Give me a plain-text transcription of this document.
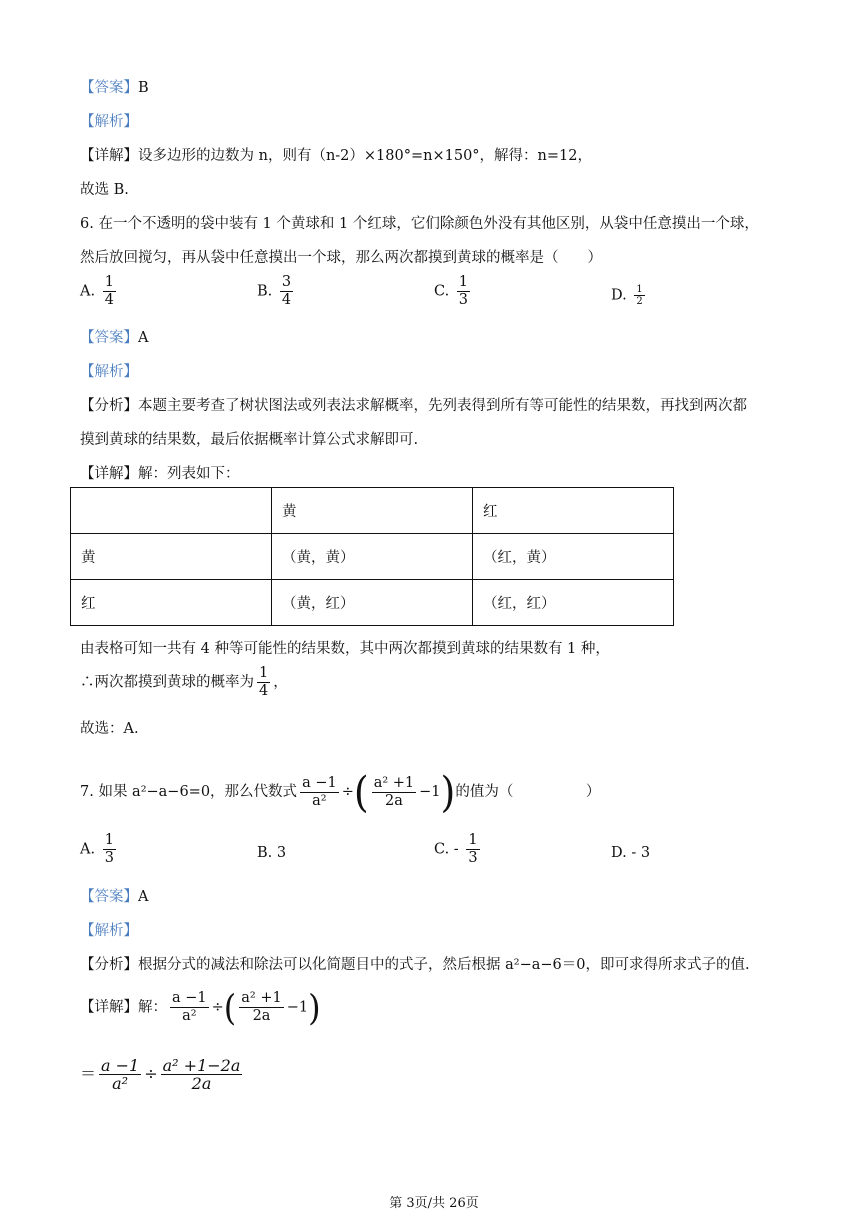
【答案】B
【解析】
【详解】设多边形的边数为 n，则有（n-2）×180°=n×150°，解得：n=12，
故选 B.
6. 在一个不透明的袋中装有 1 个黄球和 1 个红球，它们除颜色外没有其他区别，从袋中任意摸出一个球，
然后放回搅匀，再从袋中任意摸出一个球，那么两次都摸到黄球的概率是（　　）
A. $\frac{1}{4}$	B. $\frac{3}{4}$	C. $\frac{1}{3}$	D. $\frac{1}{2}$
【答案】A
【解析】
【分析】本题主要考查了树状图法或列表法求解概率，先列表得到所有等可能性的结果数，再找到两次都
摸到黄球的结果数，最后依据概率计算公式求解即可.
【详解】解：列表如下：
	黄	红
黄	（黄，黄）	（红，黄）
红	（黄，红）	（红，红）
由表格可知一共有 4 种等可能性的结果数，其中两次都摸到黄球的结果数有 1 种，
∴两次都摸到黄球的概率为 $\frac{1}{4}$ ，
故选：A.
7. 如果 a²−a−6=0，那么代数式 $\frac{a -1}{\text{a²}}$ ÷( $\frac{\text{a² +1}}{2a} -1$)的值为（　　　　　）
A. $\frac{1}{3}$	B. 3	C. - $\frac{1}{3}$	D. - 3
【答案】A
【解析】
【分析】根据分式的减法和除法可以化简题目中的式子，然后根据 a²−a−6＝0，即可求得所求式子的值.
【详解】解： $\frac{a -1}{\text{a²}}$ ÷( $\frac{\text{a² +1}}{2a} -1$)
＝ $\frac{a -1}{\text{a²}} \div \frac{\text{a² +1−2a}}{2a}$
第 3页/共 26页
